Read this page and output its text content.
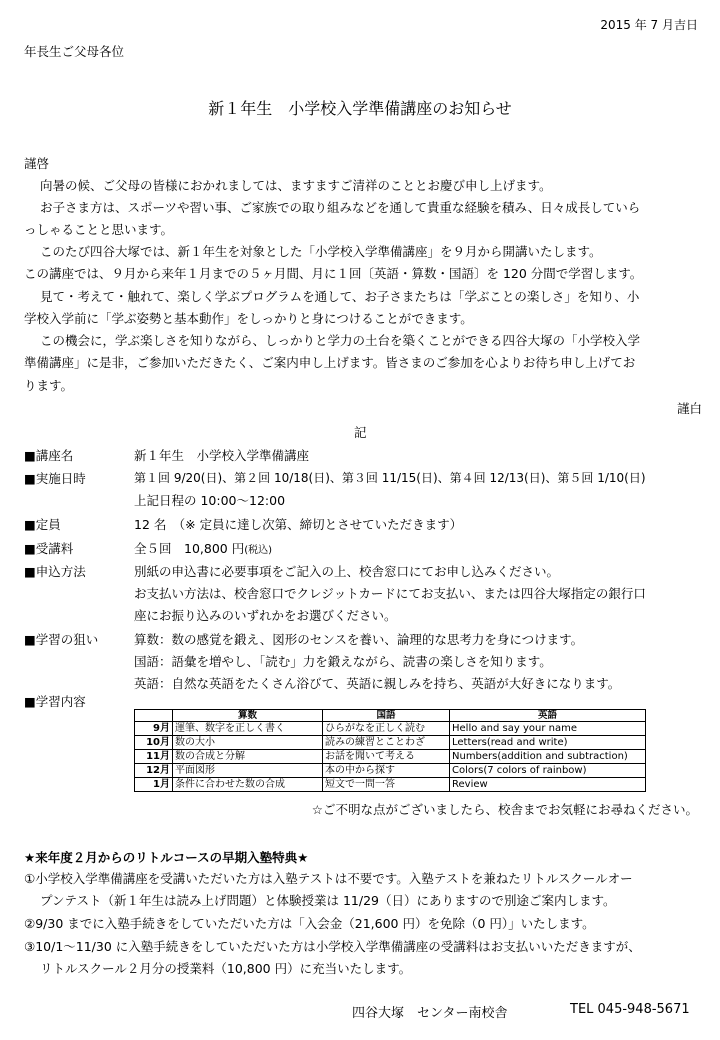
2015 年 7 月吉日
年長生ご父母各位
新１年生　小学校入学準備講座のお知らせ
謹啓
向暑の候、ご父母の皆様におかれましては、ますますご清祥のこととお慶び申し上げます。
お子さま方は、スポーツや習い事、ご家族での取り組みなどを通して貴重な経験を積み、日々成長していら
っしゃることと思います。
このたび四谷大塚では、新１年生を対象とした「小学校入学準備講座」を９月から開講いたします。
この講座では、９月から来年１月までの５ヶ月間、月に１回〔英語・算数・国語〕を 120 分間で学習します。
見て・考えて・触れて、楽しく学ぶプログラムを通して、お子さまたちは「学ぶことの楽しさ」を知り、小
学校入学前に「学ぶ姿勢と基本動作」をしっかりと身につけることができます。
この機会に，学ぶ楽しさを知りながら、しっかりと学力の土台を築くことができる四谷大塚の「小学校入学
準備講座」に是非，ご参加いただきたく、ご案内申し上げます。皆さまのご参加を心よりお待ち申し上げてお
ります。
謹白
記
■講座名	新１年生　小学校入学準備講座
■実施日時	第１回 9/20(日)、第２回 10/18(日)、第３回 11/15(日)、第４回 12/13(日)、第５回 1/10(日)
上記日程の 10:00〜12:00
■定員	12 名　（※ 定員に達し次第、締切とさせていただきます）
■受講料	全５回　10,800 円(税込)
■申込方法	別紙の申込書に必要事項をご記入の上、校舎窓口にてお申し込みください。
お支払い方法は、校舎窓口でクレジットカードにてお支払い、または四谷大塚指定の銀行口
座にお振り込みのいずれかをお選びください。
■学習の狙い	算数：数の感覚を鍛え、図形のセンスを養い、論理的な思考力を身につけます。
国語：語彙を増やし、「読む」力を鍛えながら、読書の楽しさを知ります。
英語：自然な英語をたくさん浴びて、英語に親しみを持ち、英語が大好きになります。
■学習内容
	算数	国語	英語
9月	運筆、数字を正しく書く	ひらがなを正しく読む	Hello and say your name
10月	数の大小	読みの練習とことわざ	Letters(read and write)
11月	数の合成と分解	お話を聞いて考える	Numbers(addition and subtraction)
12月	平面図形	本の中から探す	Colors(7 colors of rainbow)
1月	条件に合わせた数の合成	短文で一問一答	Review
☆ご不明な点がございましたら、校舎までお気軽にお尋ねください。
★来年度２月からのリトルコースの早期入塾特典★
①小学校入学準備講座を受講いただいた方は入塾テストは不要です。入塾テストを兼ねたリトルスクールオー
プンテスト（新１年生は読み上げ問題）と体験授業は 11/29（日）にありますので別途ご案内します。
②9/30 までに入塾手続きをしていただいた方は「入会金（21,600 円）を免除（0 円）」いたします。
③10/1〜11/30 に入塾手続きをしていただいた方は小学校入学準備講座の受講料はお支払いいただきますが、
リトルスクール２月分の授業料（10,800 円）に充当いたします。
四谷大塚　センター南校舎	TEL 045-948-5671
